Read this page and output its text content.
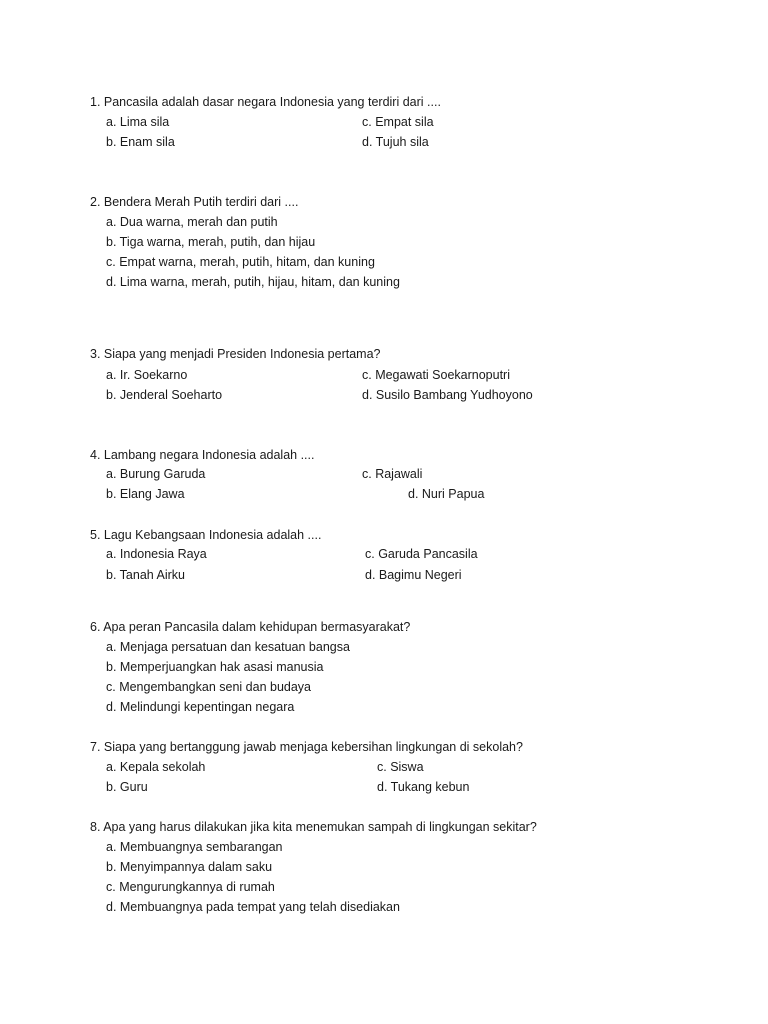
1. Pancasila adalah dasar negara Indonesia yang terdiri dari ....
a. Lima sila
b. Enam sila
c. Empat sila
d. Tujuh sila
2. Bendera Merah Putih terdiri dari ....
a. Dua warna, merah dan putih
b. Tiga warna, merah, putih, dan hijau
c. Empat warna, merah, putih, hitam, dan kuning
d. Lima warna, merah, putih, hijau, hitam, dan kuning
3. Siapa yang menjadi Presiden Indonesia pertama?
a. Ir. Soekarno
b. Jenderal Soeharto
c. Megawati Soekarnoputri
d. Susilo Bambang Yudhoyono
4. Lambang negara Indonesia adalah ....
a. Burung Garuda
b. Elang Jawa
c. Rajawali
d. Nuri Papua
5. Lagu Kebangsaan Indonesia adalah ....
a. Indonesia Raya
b. Tanah Airku
c. Garuda Pancasila
d. Bagimu Negeri
6. Apa peran Pancasila dalam kehidupan bermasyarakat?
a. Menjaga persatuan dan kesatuan bangsa
b. Memperjuangkan hak asasi manusia
c. Mengembangkan seni dan budaya
d. Melindungi kepentingan negara
7. Siapa yang bertanggung jawab menjaga kebersihan lingkungan di sekolah?
a. Kepala sekolah
b. Guru
c. Siswa
d. Tukang kebun
8. Apa yang harus dilakukan jika kita menemukan sampah di lingkungan sekitar?
a. Membuangnya sembarangan
b. Menyimpannya dalam saku
c. Mengurungkannya di rumah
d. Membuangnya pada tempat yang telah disediakan
